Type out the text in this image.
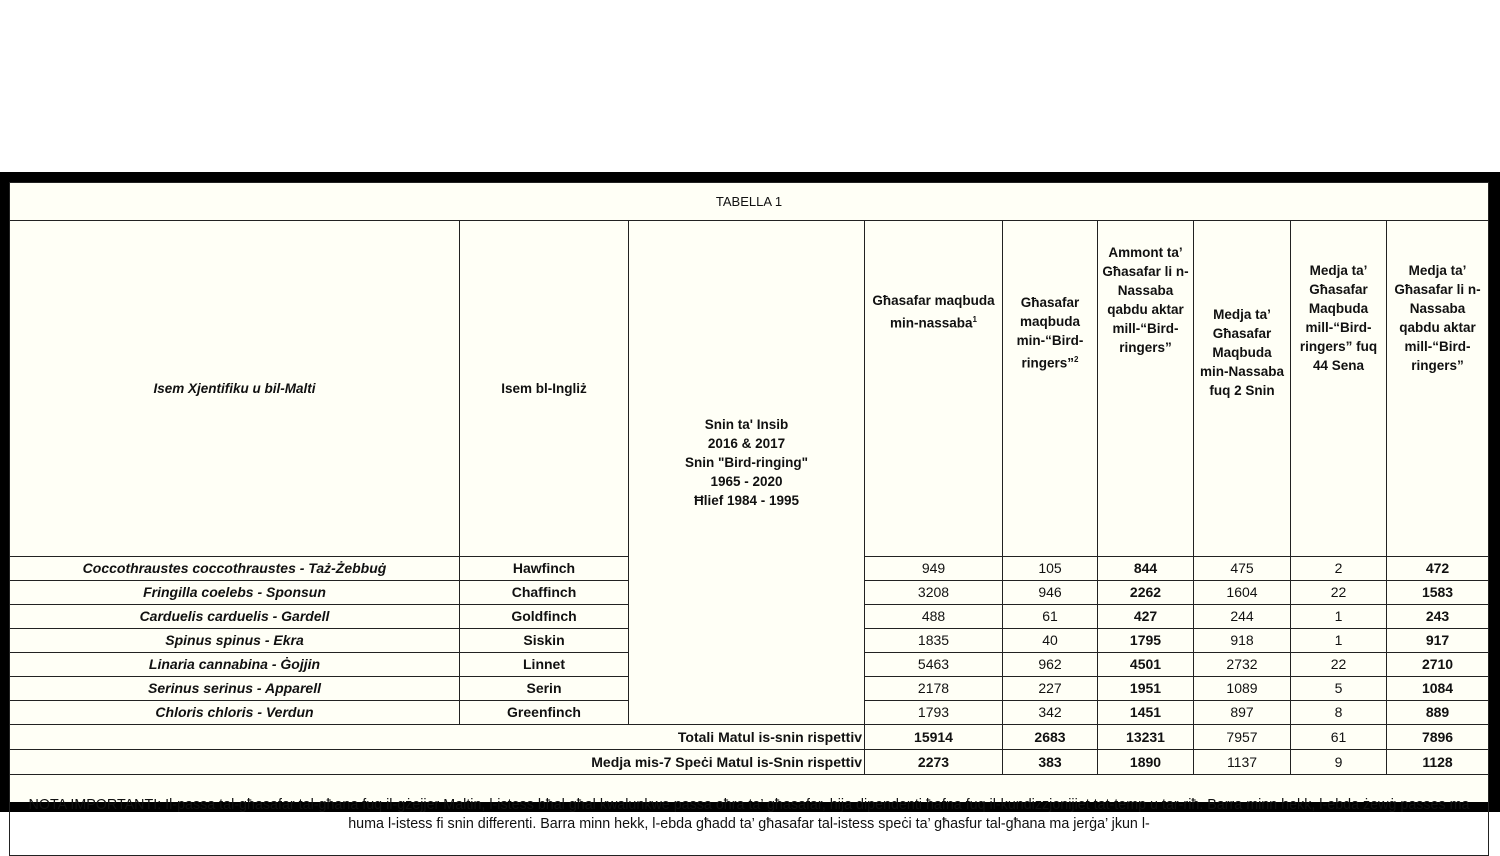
TABELLA 1								
Isem Xjentifiku u bil-Malti	Isem bl-Ingliż	Snin ta' Insib
2016 & 2017
Snin "Bird-ringing"
1965 - 2020
Ħlief 1984 - 1995	Għasafar maqbuda min-nassaba$^1$	Għasafar maqbuda min-“Bird-ringers”$^2$	Ammont ta’ Għasafar li n-Nassaba qabdu aktar mill-“Bird-ringers”	Medja ta’ Għasafar Maqbuda min-Nassaba fuq 2 Snin	Medja ta’ Għasafar Maqbuda mill-“Bird-ringers” fuq 44 Sena	Medja ta’ Għasafar li n-Nassaba qabdu aktar mill-“Bird-ringers”
Coccothraustes coccothraustes - Taż-Żebbuġ	Hawfinch		949	105	844	475	2	472
Fringilla coelebs - Sponsun	Chaffinch		3208	946	2262	1604	22	1583
Carduelis carduelis - Gardell	Goldfinch		488	61	427	244	1	243
Spinus spinus - Ekra	Siskin		1835	40	1795	918	1	917
Linaria cannabina - Ġojjin	Linnet		5463	962	4501	2732	22	2710
Serinus serinus - Apparell	Serin		2178	227	1951	1089	5	1084
Chloris chloris - Verdun	Greenfinch		1793	342	1451	897	8	889
Totali Matul is-snin rispettiv			15914	2683	13231	7957	61	7896
Medja mis-7 Speċi Matul is-Snin rispettiv			2273	383	1890	1137	9	1128
NOTA IMPORTANTI: Il-passa tal-għasafar tal-għana fuq il-gżejjer Maltin, l-istess bħal għal kwalunkwe passa oħra ta’ għasafar, hija dipendenti ħafna fuq il-kundizzjonijiet tat-temp u tar-riħ. Barra minn hekk, l-ebda żewġ passes ma huma l-istess fi snin differenti. Barra minn hekk, l-ebda għadd ta’ għasafar tal-istess speċi ta’ għasfur tal-għana ma jerġa’ jkun l-								
